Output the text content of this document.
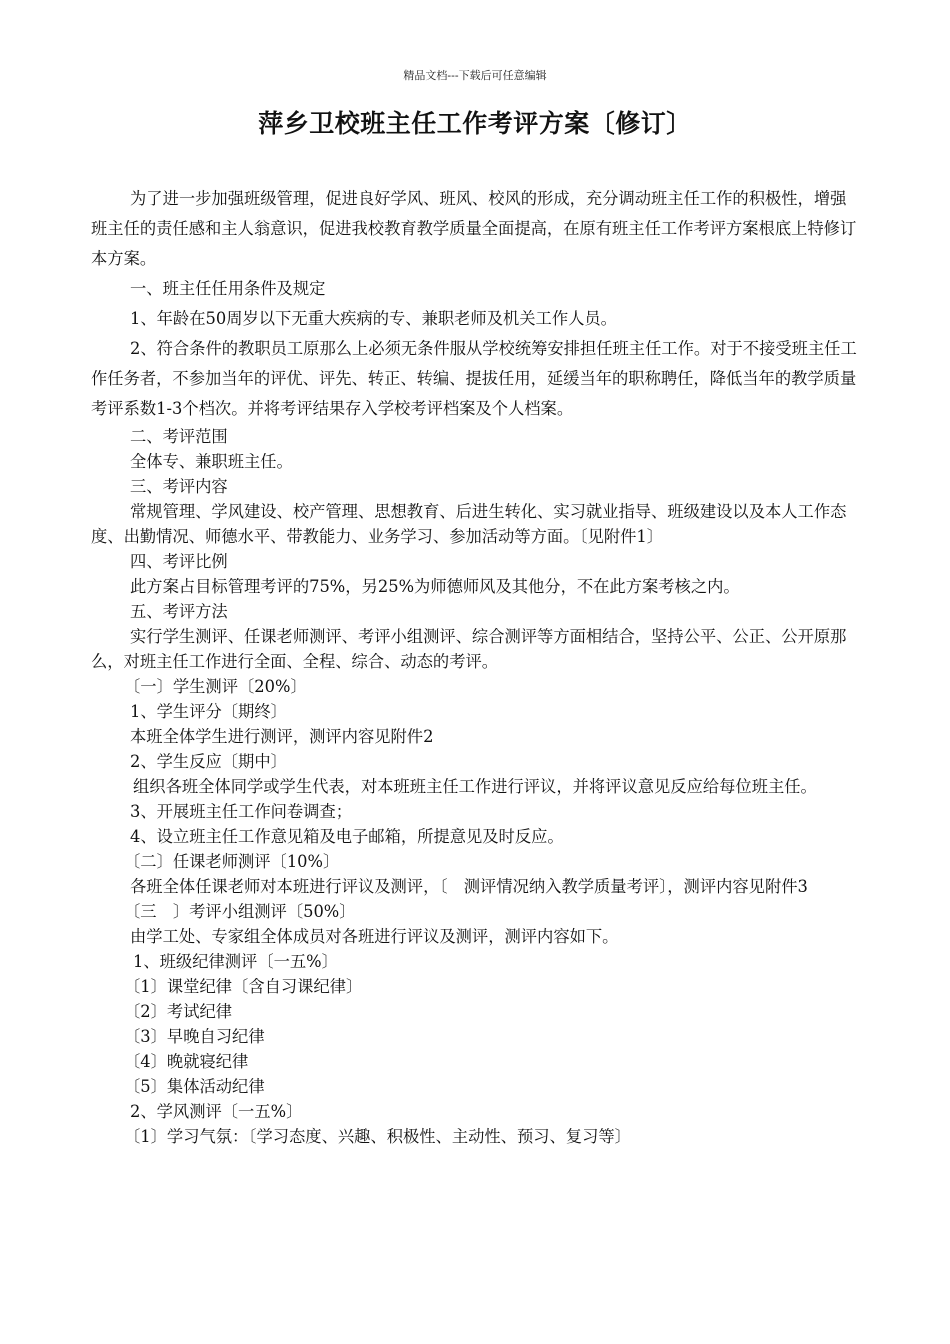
精品文档---下载后可任意编辑
萍乡卫校班主任工作考评方案〔修订〕

为了进一步加强班级管理，促进良好学风、班风、校风的形成，充分调动班主任工作的积极性，增强班主任的责任感和主人翁意识，促进我校教育教学质量全面提高，在原有班主任工作考评方案根底上特修订本方案。

一、班主任任用条件及规定

1、年龄在50周岁以下无重大疾病的专、兼职老师及机关工作人员。

2、符合条件的教职员工原那么上必须无条件服从学校统筹安排担任班主任工作。对于不接受班主任工作任务者，不参加当年的评优、评先、转正、转编、提拔任用，延缓当年的职称聘任，降低当年的教学质量考评系数1-3个档次。并将考评结果存入学校考评档案及个人档案。

二、考评范围

全体专、兼职班主任。

三、考评内容

常规管理、学风建设、校产管理、思想教育、后进生转化、实习就业指导、班级建设以及本人工作态度、出勤情况、师德水平、带教能力、业务学习、参加活动等方面。〔见附件1〕

四、考评比例

此方案占目标管理考评的75%，另25%为师德师风及其他分，不在此方案考核之内。

五、考评方法

实行学生测评、任课老师测评、考评小组测评、综合测评等方面相结合，坚持公平、公正、公开原那么，对班主任工作进行全面、全程、综合、动态的考评。

〔一〕学生测评〔20%〕

1、学生评分〔期终〕

本班全体学生进行测评，测评内容见附件2

2、学生反应〔期中〕

组织各班全体同学或学生代表，对本班班主任工作进行评议，并将评议意见反应给每位班主任。

3、开展班主任工作问卷调查；

4、设立班主任工作意见箱及电子邮箱，所提意见及时反应。

〔二〕任课老师测评〔10%〕

各班全体任课老师对本班进行评议及测评，〔　测评情况纳入教学质量考评〕，测评内容见附件3

〔三　〕考评小组测评〔50%〕

由学工处、专家组全体成员对各班进行评议及测评，测评内容如下。

1、班级纪律测评〔一五%〕

〔1〕课堂纪律〔含自习课纪律〕

〔2〕考试纪律

〔3〕早晚自习纪律

〔4〕晚就寝纪律

〔5〕集体活动纪律

2、学风测评〔一五%〕

〔1〕学习气氛：〔学习态度、兴趣、积极性、主动性、预习、复习等〕
